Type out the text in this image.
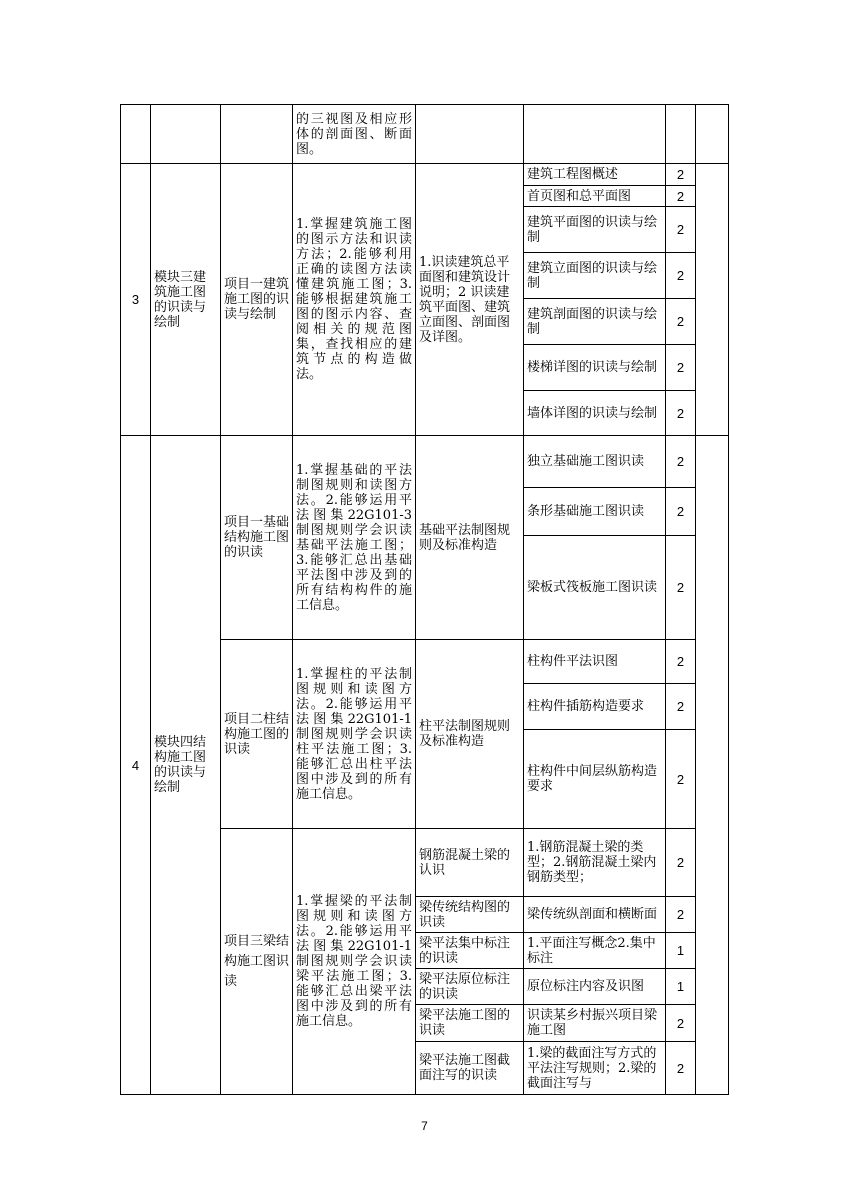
			的三视图及相应形体的剖面图、断面图。				
3	模块三建筑施工图的识读与绘制	项目一建筑施工图的识读与绘制	1.掌握建筑施工图的图示方法和识读方法；2.能够利用正确的读图方法读懂建筑施工图；3.能够根据建筑施工图的图示内容、查阅相关的规范图集，查找相应的建筑节点的构造做法。	1.识读建筑总平面图和建筑设计说明；2 识读建筑平面图、建筑立面图、剖面图及详图。	建筑工程图概述	2	
					首页图和总平面图	2	
					建筑平面图的识读与绘制	2	
					建筑立面图的识读与绘制	2	
					建筑剖面图的识读与绘制	2	
					楼梯详图的识读与绘制	2	
					墙体详图的识读与绘制	2	
4	模块四结构施工图的识读与绘制	项目一基础结构施工图的识读	1.掌握基础的平法制图规则和读图方法。2.能够运用平法图集22G101-3制图规则学会识读基础平法施工图；3.能够汇总出基础平法图中涉及到的所有结构构件的施工信息。	基础平法制图规则及标准构造	独立基础施工图识读	2	
					条形基础施工图识读	2	
					梁板式筏板施工图识读	2	
		项目二柱结构施工图的识读	1.掌握柱的平法制图规则和读图方法。2.能够运用平法图集22G101-1制图规则学会识读柱平法施工图；3.能够汇总出柱平法图中涉及到的所有施工信息。	柱平法制图规则及标准构造	柱构件平法识图	2	
					柱构件插筋构造要求	2	
					柱构件中间层纵筋构造要求	2	
		项目三梁结构施工图识读	1.掌握梁的平法制图规则和读图方法。2.能够运用平法图集22G101-1制图规则学会识读梁平法施工图；3.能够汇总出梁平法图中涉及到的所有施工信息。	钢筋混凝土梁的认识	1.钢筋混凝土梁的类型；2.钢筋混凝土梁内钢筋类型；	2	
				梁传统结构图的识读	梁传统纵剖面和横断面	2	
				梁平法集中标注的识读	1.平面注写概念2.集中标注	1	
				梁平法原位标注的识读	原位标注内容及识图	1	
				梁平法施工图的识读	识读某乡村振兴项目梁施工图	2	
				梁平法施工图截面注写的识读	1.梁的截面注写方式的平法注写规则；2.梁的截面注写与	2	
7
